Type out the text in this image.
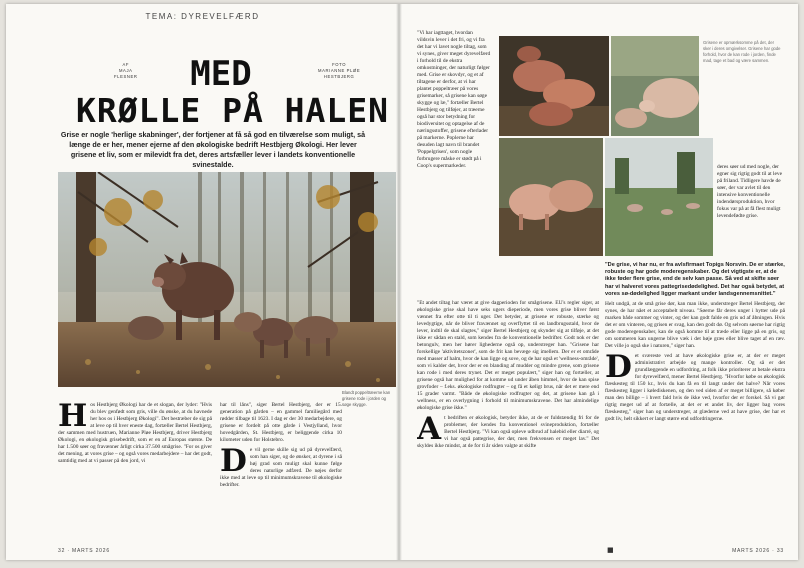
TEMA: DYREVELFÆRD
AF
MAJA
FLESNER
FOTO
MARIANNE PLØE
HESTBJERG
MED
KRØLLE PÅ HALEN
Grise er nogle 'herlige skabninger', der fortjener at få så god en tilværelse som muligt, så længe de er her, mener ejerne af den økologiske bedrift Hestbjerg Økologi. Her lever grisene et liv, som er milevidt fra det, deres artsfæller lever i landets konventionelle svinestalde.
Blandt poppeltræerne kan grisene rode i jorden og søge skygge.
H os Hestbjerg Økologi har de et slogan, der lyder: "Hvis du blev genfødt som gris, ville du ønske, at du havnede her hos os i Hestbjerg Økologi". Det bestræber de sig på at leve op til hver eneste dag, fortæller Bertel Hestbjerg, der sammen med hustruen, Marianne Pløe Hestbjerg, driver Hestbjerg Økologi, en økologisk grisebedrift, som er en af Europas største. De har 1.500 søer og fravænner årligt cirka 37.500 smågrise. "For os giver det mening, at vores grise – og også vores medarbejdere – har det godt, samtidig med at vi passer på den jord, vi
har til låns", siger Bertel Hestbjerg, der er 15. generation på gården – en gammel familiegård med rødder tilbage til 1623. I dag er der 30 medarbejdere, og grisene er fordelt på otte gårde i Vestjylland, hvor hovedgården, St. Hestbjerg, er beliggende cirka 10 kilometer uden for Holstebro.
D e vil gerne skille sig ud på dyrevelfærd, som han siger, og de ønsker, at dyrene i så høj grad som muligt skal kunne følge deres naturlige adfærd. De nøjes derfor ikke med at leve op til minimumskravene til økologiske bedrifter.
32 · MARTS 2026
"Vi har iagttaget, hvordan vildsvin lever i det fri, og vi fra det har vi lavet nogle tiltag, som vi synes, giver meget dyrevelfærd i forhold til de ekstra omkostninger, der naturligt følger med. Grise er skovdyr, og et af tiltagene er derfor, at vi har plantet poppeltræer på vores grisemarker, så grisene kan søge skygge og læ," fortæller Bertel Hestbjerg og tilføjer, at træerne også har stor betydning for biodiversitet og optagelse af de næringsstoffer, grisene efterlader på markerne. Poplerne har desuden lagt navn til brandet 'Poppelgrisen', som nogle forbrugere måske er stødt på i Coop's supermarkeder.
Grisene er opmærksomme på det, der sker i deres omgivelser. Grisene har gode forhold, hvor de kan rode i jorden, finde mad, tage et bad og være sammen.
deres søer ud med nogle, der egner sig rigtig godt til at leve på friland. Tidligere havde de søer, der var avlet til den intensive konventionelle indendørsproduktion, hvor fokus var på at få flest muligt levendefødte grise.
"Et andet tiltag har været at give dagperioden for smågrisene. EU's regler siger, at økologiske grise skal have seks ugers dieperiode, men vores grise bliver først vænnet fra efter otte til ti uger. Det betyder, at grisene er robuste, stærke og levedygtige, når de bliver fravænnet og overflyttet til en landbrugsstald, hvor de lever, indtil de skal slagtes," siger Bertel Hestbjerg og skynder sig at tilføje, at det ikke er sådan en stald, som kendes fra de konventionelle bedrifter. Godt nok er der betongulv, men her hører lighederne også op, understreger han. "Grisene har forskellige 'aktivitetszoner', som de frit kan bevæge sig imellem. Der er et område med masser af halm, hvor de kan ligge og sove, og de har også et 'wellness-område', som vi kalder det, hvor der er en blanding af mudder og mindre grene, som grisene kan rode i med deres trynet. Det er meget populært," siger han og fortæller, at grisene også har mulighed for at komme ud under åben himmel, hvor de kan spise grovfoder – f.eks. økologiske rodfrugter – og få et køligt brus, når det er mere end 15 grader varmt. "Både de økologiske rodfrugter og det, at grisene kan gå i wellness, er en overlygning i forhold til minimumskravene. Det har almindelige økologiske grise ikke."
A t bedriften er økologisk, betyder ikke, at de er fuldstændig fri for de problemer, der kendes fra konventionel svineproduktion, fortæller Bertel Hestbjerg. "Vi kan også opleve udbrud af halebid eller diarré, og vi har også pattegrise, der dør, men frekvensen er meget lav." Det skyldes ikke mindst, at de for ti år siden valgte at skifte
"De grise, vi har nu, er fra avlsfirmaet Topigs Norsvin. De er stærke, robuste og har gode moderegenskaber. Og det vigtigste er, at de ikke føder flere grise, end de selv kan passe. Så ved at skifte søer har vi halveret vores pattegrisedødelighed. Det har også betydet, at vores sø-dødelighed ligger markant under landsgennemsnittet."
Helt undgå, at de små grise dør, kan man ikke, understreger Bertel Hestbjerg, der synes, de har nået et acceptabelt niveau. "Søerne får deres unger i hytter ude på marken både sommer og vinter, og der kan godt falde en gris ud af åbningen. Hvis det er om vinteren, og grisen er svag, kan den godt dø. Og selvom søerne har rigtig gode moderegenskaber, kan de også komme til at træde eller ligge på en gris, og om sommeren kan ungerne blive væk i det høje græs eller blive taget af en ræv. Det ville jo også ske i naturen," siger han.
D et sværeste ved at have økologiske grise er, at der er meget administrativt arbejde og mange kontroller. Og så er det grundlæggende en udfordring, at folk ikke prioriterer at betale ekstra for dyrevelfærd, mener Bertel Hestbjerg. "Hvorfor købe os økologisk flæskesteg til 150 kr., hvis du kan få en til langt under det halve? Når vores flæskesteg ligger i kølediskenen, og den ved siden af er meget billigere, så køber man den billige – i hvert fald hvis de ikke ved, hvorfor der er forskel. Så vi gør rigtig meget ud af at fortælle, at det er et andet liv, der ligger bag vores flæskesteg," siger han og understreger, at glæderne ved at have grise, der har et godt liv, helt sikkert er langt større end udfordringerne.
■	MARTS 2026 · 33
